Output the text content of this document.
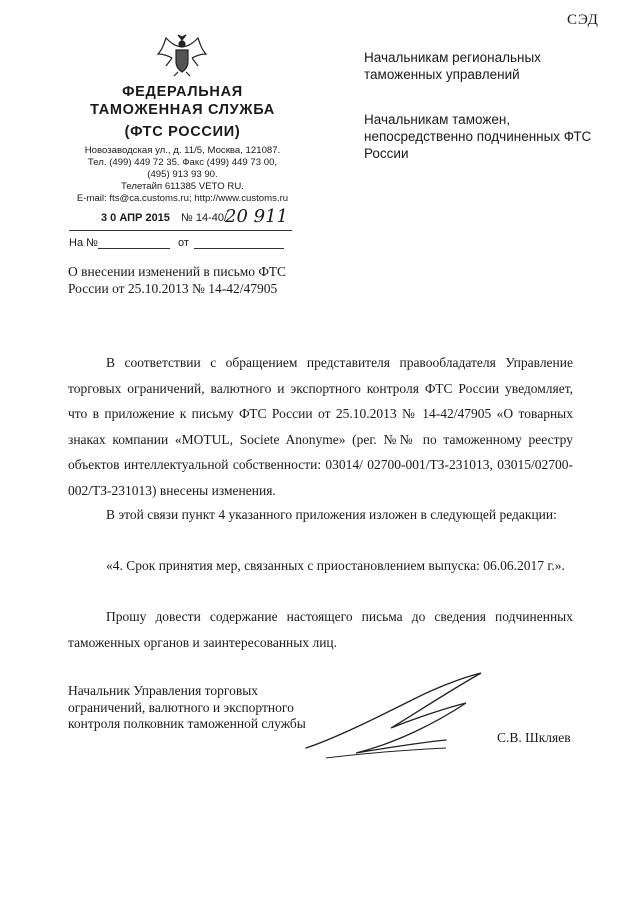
СЭД
ФЕДЕРАЛЬНАЯ
ТАМОЖЕННАЯ СЛУЖБА
(ФТС РОССИИ)
Новозаводская ул., д. 11/5, Москва, 121087.
Тел. (499) 449 72 35. Факс (499) 449 73 00,
(495) 913 93 90.
Телетайп 611385 VETO RU.
E-mail: fts@ca.customs.ru; http://www.customs.ru
3 0 АПР 2015 № 14-40/
20 911
На №	от
Начальникам региональных таможенных управлений
Начальникам таможен, непосредственно подчиненных ФТС России
О внесении изменений в письмо ФТС России от 25.10.2013 № 14-42/47905
В соответствии с обращением представителя правообладателя Управление торговых ограничений, валютного и экспортного контроля ФТС России уведомляет, что в приложение к письму ФТС России от 25.10.2013 № 14-42/47905 «О товарных знаках компании «MOTUL, Societe Anonyme» (рег. №№ по таможенному реестру объектов интеллектуальной собственности: 03014/ 02700-001/ТЗ-231013, 03015/02700-002/ТЗ-231013) внесены изменения.
В этой связи пункт 4 указанного приложения изложен в следующей редакции:
«4. Срок принятия мер, связанных с приостановлением выпуска: 06.06.2017 г.».
Прошу довести содержание настоящего письма до сведения подчиненных таможенных органов и заинтересованных лиц.
Начальник Управления торговых ограничений, валютного и экспортного контроля полковник таможенной службы
С.В. Шкляев
